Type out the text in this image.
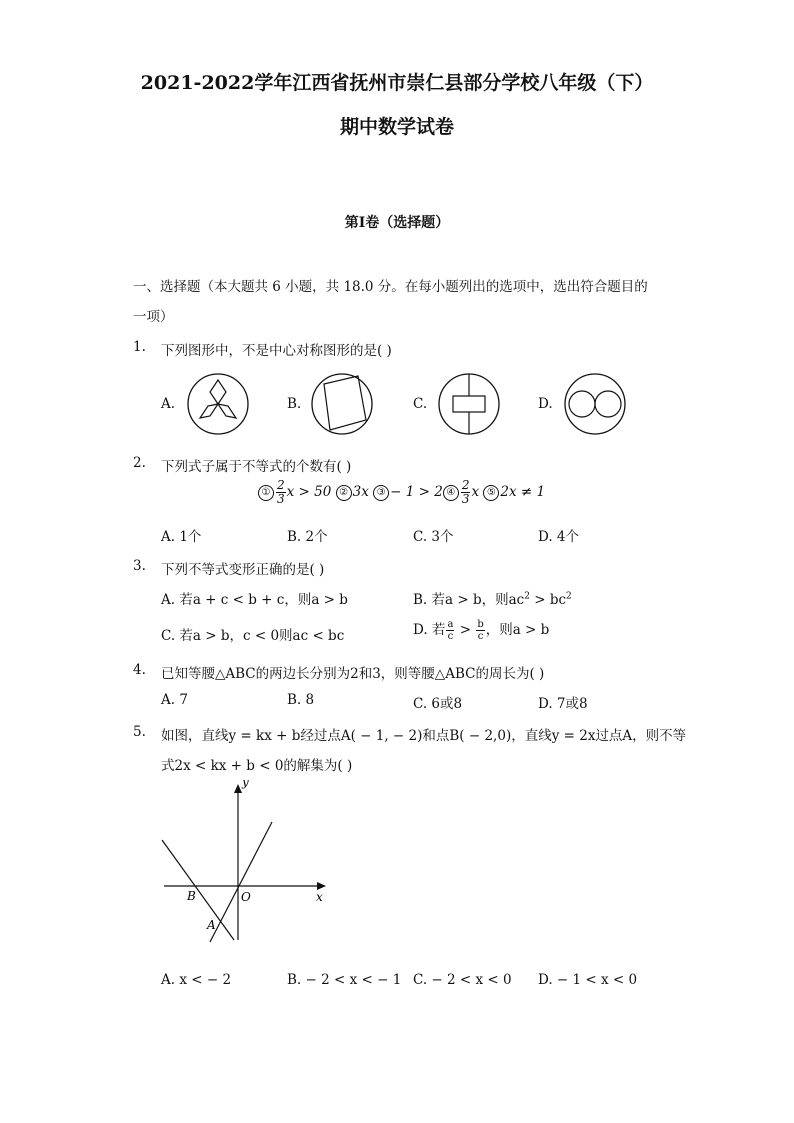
2021-2022学年江西省抚州市崇仁县部分学校八年级（下）
期中数学试卷
第I卷（选择题）
一、选择题（本大题共 6 小题，共 18.0 分。在每小题列出的选项中，选出符合题目的
一项）
1. 下列图形中，不是中心对称图形的是( )
A.	B.	C.	D.
2. 下列式子属于不等式的个数有( )
① $\frac{2}{3}$ x > 50 ② 3x ③ − 1 > 2 ④ $\frac{2}{3}$ x ⑤ 2x ≠ 1
A. 1个	B. 2个	C. 3个	D. 4个
3. 下列不等式变形正确的是( )
A. 若a + c < b + c，则a > b	B. 若a > b，则$ac^2 > bc^2$
C. 若a > b，c < 0则ac < bc	D. 若 $\frac{a}{c} > \frac{b}{c}$ ，则a > b
4. 已知等腰△ABC的两边长分别为2和3，则等腰△ABC的周长为( )
A. 7	B. 8	C. 6或8	D. 7或8
5. 如图，直线y = kx + b经过点A( − 1, − 2)和点B( − 2,0)，直线y = 2x过点A，则不等
式2x < kx + b < 0的解集为( )
y
x
O
B
A
A. x < − 2	B. − 2 < x < − 1 C. − 2 < x < 0 D. − 1 < x < 0
